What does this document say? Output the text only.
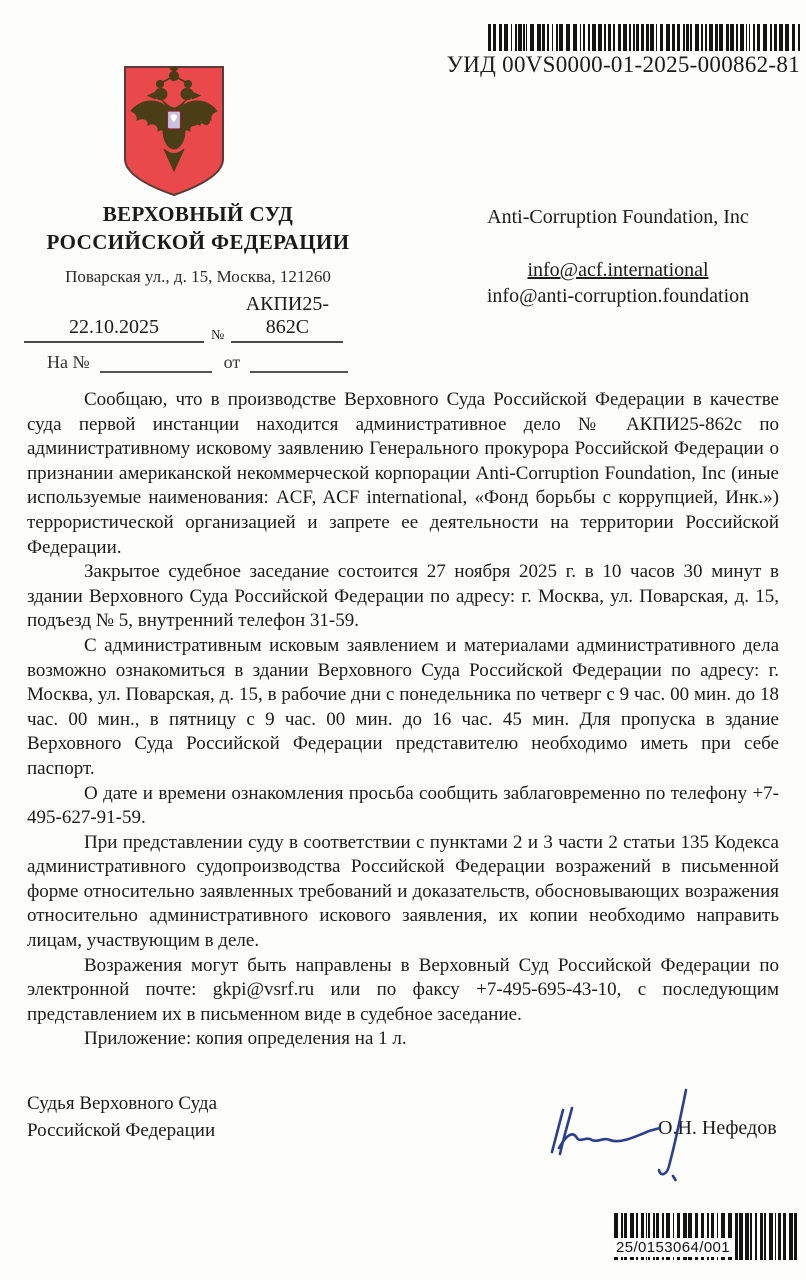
УИД 00VS0000-01-2025-000862-81
ВЕРХОВНЫЙ СУД
РОССИЙСКОЙ ФЕДЕРАЦИИ
Поварская ул., д. 15, Москва, 121260
22.10.2025	№
АКПИ25-862С
Anti-Corruption Foundation, Inc
info@acf.international
info@anti-corruption.foundation
На №	от

Сообщаю, что в производстве Верховного Суда Российской Федерации в качестве суда первой инстанции находится административное дело № АКПИ25-862с по административному исковому заявлению Генерального прокурора Российской Федерации о признании американской некоммерческой корпорации Anti-Corruption Foundation, Inc (иные используемые наименования: ACF, ACF international, «Фонд борьбы с коррупцией, Инк.») террористической организацией и запрете ее деятельности на территории Российской Федерации.

Закрытое судебное заседание состоится 27 ноября 2025 г. в 10 часов 30 минут в здании Верховного Суда Российской Федерации по адресу: г. Москва, ул. Поварская, д. 15, подъезд № 5, внутренний телефон 31-59.

С административным исковым заявлением и материалами административного дела возможно ознакомиться в здании Верховного Суда Российской Федерации по адресу: г. Москва, ул. Поварская, д. 15, в рабочие дни с понедельника по четверг с 9 час. 00 мин. до 18 час. 00 мин., в пятницу с 9 час. 00 мин. до 16 час. 45 мин. Для пропуска в здание Верховного Суда Российской Федерации представителю необходимо иметь при себе паспорт.

О дате и времени ознакомления просьба сообщить заблаговременно по телефону +7-495-627-91-59.

При представлении суду в соответствии с пунктами 2 и 3 части 2 статьи 135 Кодекса административного судопроизводства Российской Федерации возражений в письменной форме относительно заявленных требований и доказательств, обосновывающих возражения относительно административного искового заявления, их копии необходимо направить лицам, участвующим в деле.

Возражения могут быть направлены в Верховный Суд Российской Федерации по электронной почте: gkpi@vsrf.ru или по факсу +7-495-695-43-10, с последующим представлением их в письменном виде в судебное заседание.

Приложение: копия определения на 1 л.

Судья Верховного Суда
Российской Федерации	О.Н. Нефедов
25/0153064/001
